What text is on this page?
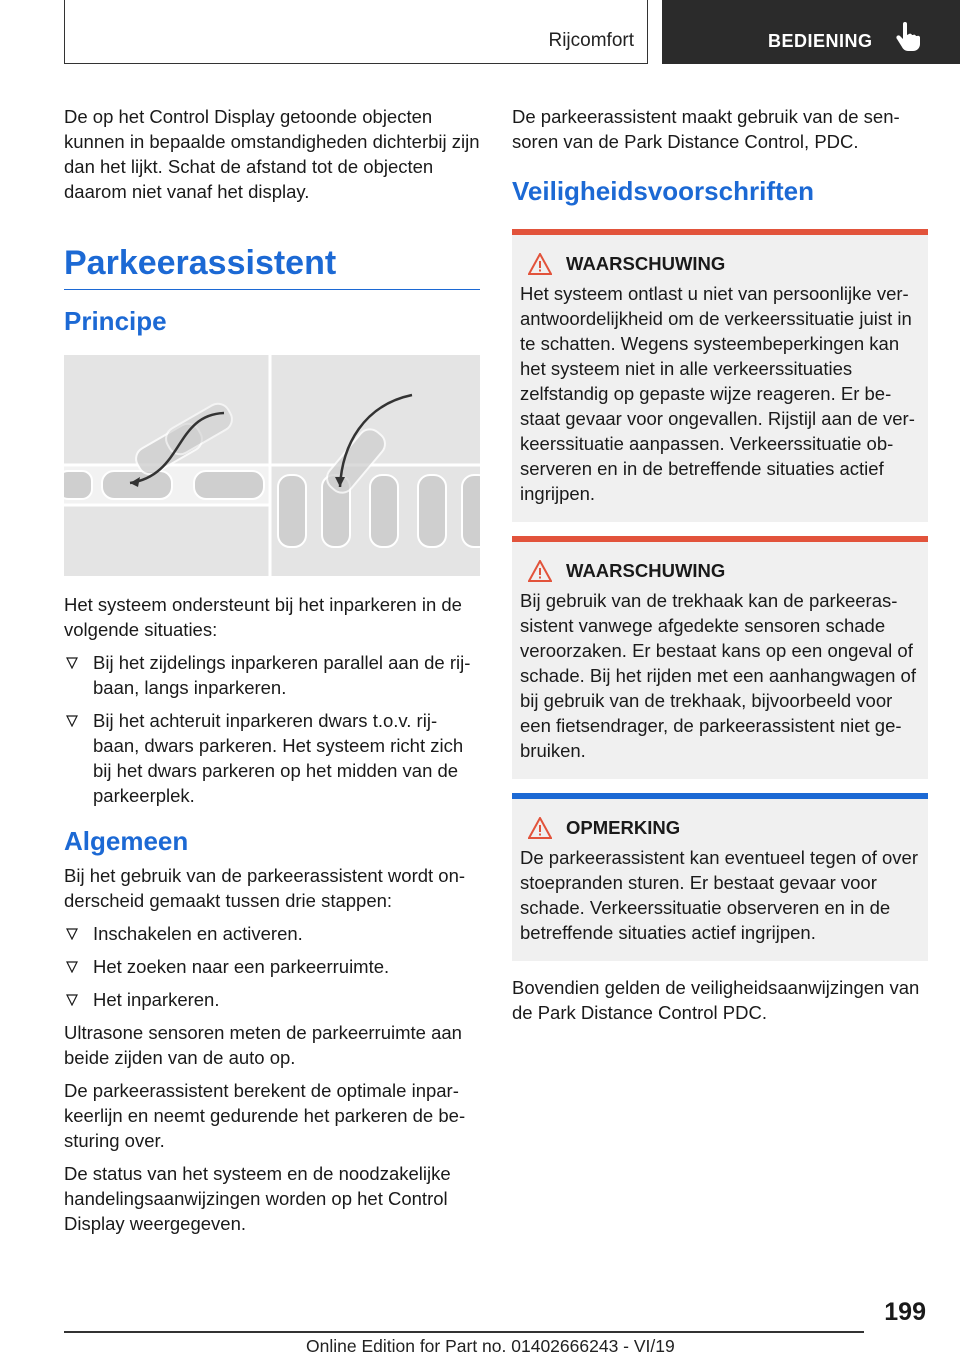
Rijcomfort	BEDIENING

De op het Control Display getoonde objecten kunnen in bepaalde omstandigheden dichterbij zijn dan het lijkt. Schat de afstand tot de objecten daarom niet vanaf het display.

Parkeerassistent
Principe

Het systeem ondersteunt bij het inparkeren in de volgende situaties:

Bij het zijdelings inparkeren parallel aan de rij-baan, langs inparkeren.
Bij het achteruit inparkeren dwars t.o.v. rij-baan, dwars parkeren. Het systeem richt zich bij het dwars parkeren op het midden van de parkeerplek.
Algemeen

Bij het gebruik van de parkeerassistent wordt on-derscheid gemaakt tussen drie stappen:

Inschakelen en activeren.
Het zoeken naar een parkeerruimte.
Het inparkeren.

Ultrasone sensoren meten de parkeerruimte aan beide zijden van de auto op.

De parkeerassistent berekent de optimale inpar-keerlijn en neemt gedurende het parkeren de be-sturing over.

De status van het systeem en de noodzakelijke handelingsaanwijzingen worden op het Control Display weergegeven.

De parkeerassistent maakt gebruik van de sen-soren van de Park Distance Control, PDC.

Veiligheidsvoorschriften
WAARSCHUWING

Het systeem ontlast u niet van persoonlijke ver-antwoordelijkheid om de verkeerssituatie juist in te schatten. Wegens systeembeperkingen kan het systeem niet in alle verkeerssituaties zelfstandig op gepaste wijze reageren. Er be-staat gevaar voor ongevallen. Rijstijl aan de ver-keerssituatie aanpassen. Verkeerssituatie ob-serveren en in de betreffende situaties actief ingrijpen.

WAARSCHUWING

Bij gebruik van de trekhaak kan de parkeeras-sistent vanwege afgedekte sensoren schade veroorzaken. Er bestaat kans op een ongeval of schade. Bij het rijden met een aanhangwagen of bij gebruik van de trekhaak, bijvoorbeeld voor een fietsendrager, de parkeerassistent niet ge-bruiken.

OPMERKING

De parkeerassistent kan eventueel tegen of over stoepranden sturen. Er bestaat gevaar voor schade. Verkeerssituatie observeren en in de betreffende situaties actief ingrijpen.

Bovendien gelden de veiligheidsaanwijzingen van de Park Distance Control PDC.

199
Online Edition for Part no. 01402666243 - VI/19
